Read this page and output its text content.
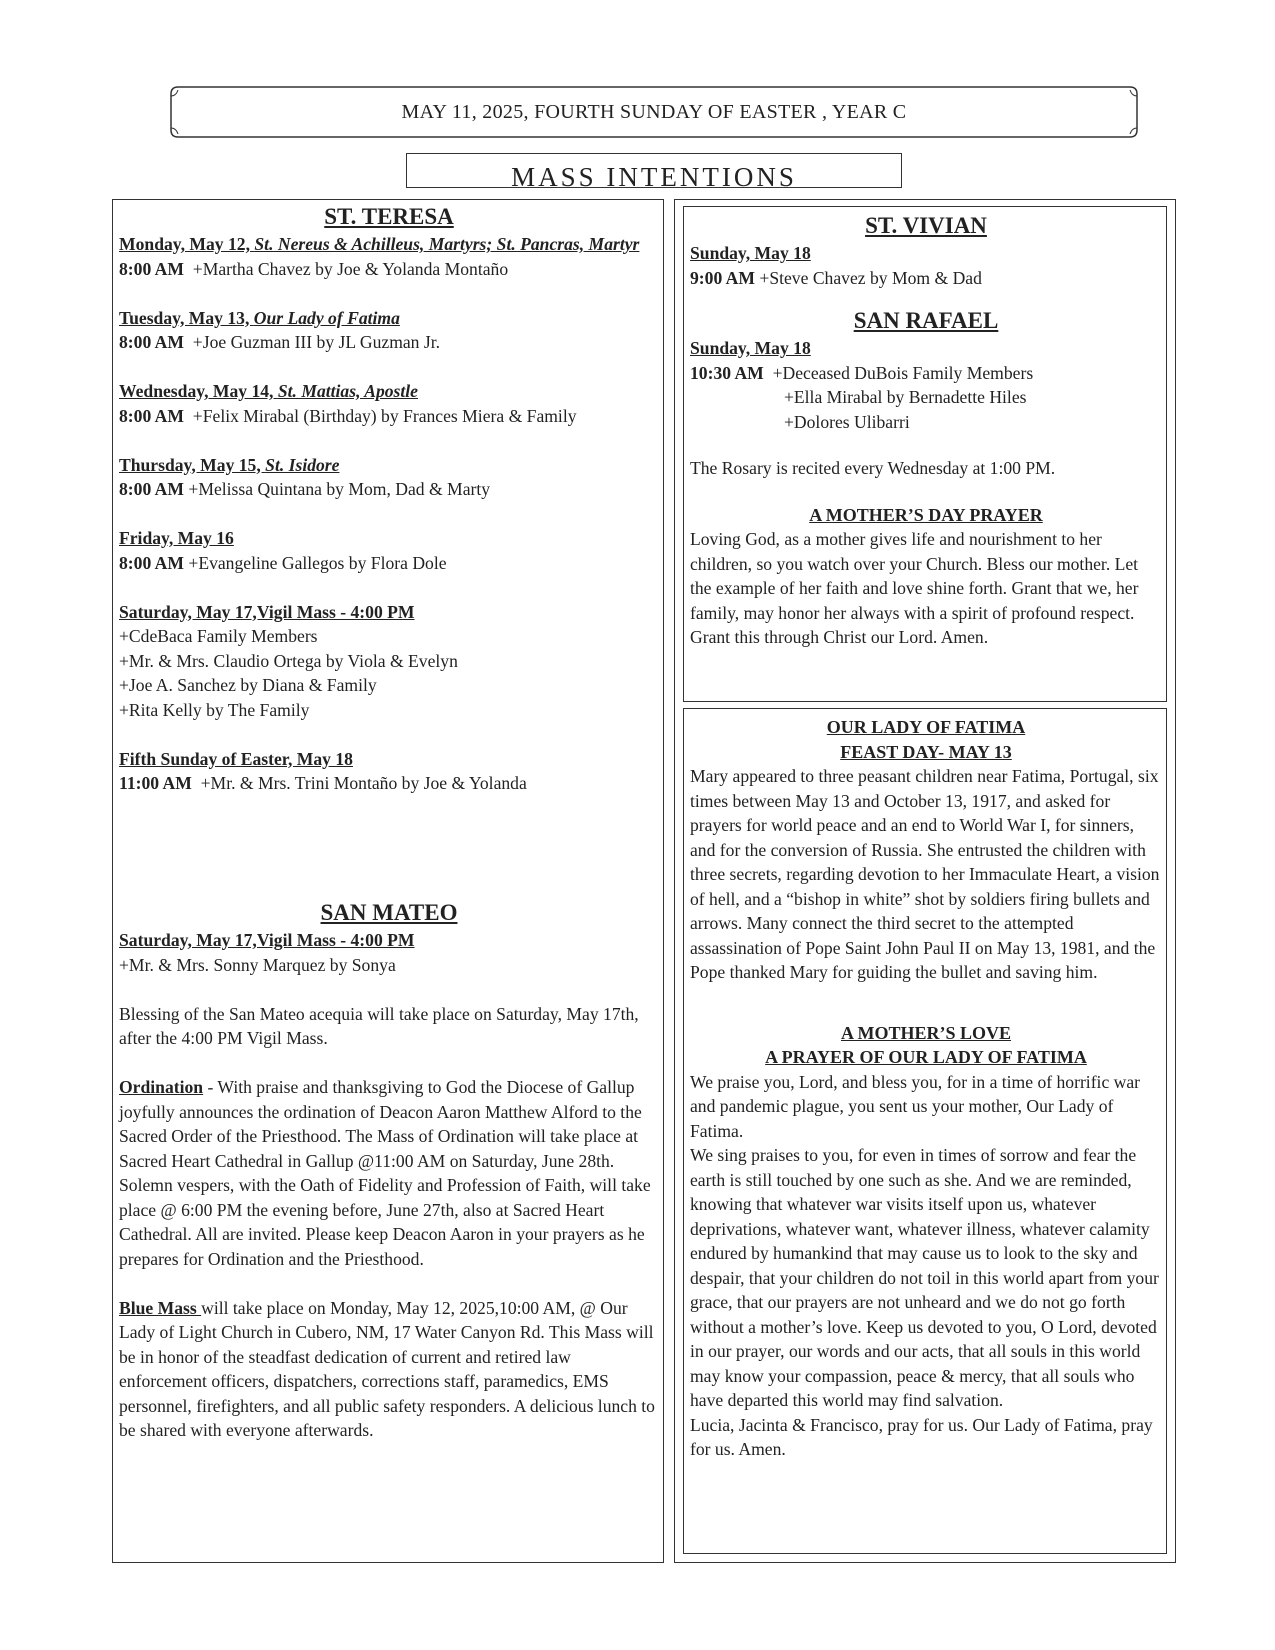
MAY 11, 2025, FOURTH SUNDAY OF EASTER , YEAR C
MASS INTENTIONS
ST. TERESA
Monday, May 12, St. Nereus & Achilleus, Martyrs; St. Pancras, Martyr
8:00 AM +Martha Chavez by Joe & Yolanda Montaño
Tuesday, May 13, Our Lady of Fatima
8:00 AM +Joe Guzman III by JL Guzman Jr.
Wednesday, May 14, St. Mattias, Apostle
8:00 AM +Felix Mirabal (Birthday) by Frances Miera & Family
Thursday, May 15, St. Isidore
8:00 AM +Melissa Quintana by Mom, Dad & Marty
Friday, May 16
8:00 AM +Evangeline Gallegos by Flora Dole
Saturday, May 17,Vigil Mass - 4:00 PM
+CdeBaca Family Members
+Mr. & Mrs. Claudio Ortega by Viola & Evelyn
+Joe A. Sanchez by Diana & Family
+Rita Kelly by The Family
Fifth Sunday of Easter, May 18
11:00 AM +Mr. & Mrs. Trini Montaño by Joe & Yolanda
SAN MATEO
Saturday, May 17,Vigil Mass - 4:00 PM
+Mr. & Mrs. Sonny Marquez by Sonya

Blessing of the San Mateo acequia will take place on Saturday, May 17th, after the 4:00 PM Vigil Mass.

Ordination - With praise and thanksgiving to God the Diocese of Gallup joyfully announces the ordination of Deacon Aaron Matthew Alford to the Sacred Order of the Priesthood. The Mass of Ordination will take place at Sacred Heart Cathedral in Gallup @11:00 AM on Saturday, June 28th. Solemn vespers, with the Oath of Fidelity and Profession of Faith, will take place @ 6:00 PM the evening before, June 27th, also at Sacred Heart Cathedral. All are invited. Please keep Deacon Aaron in your prayers as he prepares for Ordination and the Priesthood.

Blue Mass will take place on Monday, May 12, 2025,10:00 AM, @ Our Lady of Light Church in Cubero, NM, 17 Water Canyon Rd. This Mass will be in honor of the steadfast dedication of current and retired law enforcement officers, dispatchers, corrections staff, paramedics, EMS personnel, firefighters, and all public safety responders. A delicious lunch to be shared with everyone afterwards.

ST. VIVIAN
Sunday, May 18
9:00 AM +Steve Chavez by Mom & Dad
SAN RAFAEL
Sunday, May 18
10:30 AM +Deceased DuBois Family Members
+Ella Mirabal by Bernadette Hiles
+Dolores Ulibarri

The Rosary is recited every Wednesday at 1:00 PM.

A MOTHER’S DAY PRAYER

Loving God, as a mother gives life and nourishment to her children, so you watch over your Church. Bless our mother. Let the example of her faith and love shine forth. Grant that we, her family, may honor her always with a spirit of profound respect. Grant this through Christ our Lord. Amen.

OUR LADY OF FATIMA
FEAST DAY- MAY 13

Mary appeared to three peasant children near Fatima, Portugal, six times between May 13 and October 13, 1917, and asked for prayers for world peace and an end to World War I, for sinners, and for the conversion of Russia. She entrusted the children with three secrets, regarding devotion to her Immaculate Heart, a vision of hell, and a “bishop in white” shot by soldiers firing bullets and arrows. Many connect the third secret to the attempted assassination of Pope Saint John Paul II on May 13, 1981, and the Pope thanked Mary for guiding the bullet and saving him.

A MOTHER’S LOVE
A PRAYER OF OUR LADY OF FATIMA

We praise you, Lord, and bless you, for in a time of horrific war and pandemic plague, you sent us your mother, Our Lady of Fatima.

We sing praises to you, for even in times of sorrow and fear the earth is still touched by one such as she. And we are reminded, knowing that whatever war visits itself upon us, whatever deprivations, whatever want, whatever illness, whatever calamity endured by humankind that may cause us to look to the sky and despair, that your children do not toil in this world apart from your grace, that our prayers are not unheard and we do not go forth without a mother’s love. Keep us devoted to you, O Lord, devoted in our prayer, our words and our acts, that all souls in this world may know your compassion, peace & mercy, that all souls who have departed this world may find salvation.

Lucia, Jacinta & Francisco, pray for us. Our Lady of Fatima, pray for us. Amen.
